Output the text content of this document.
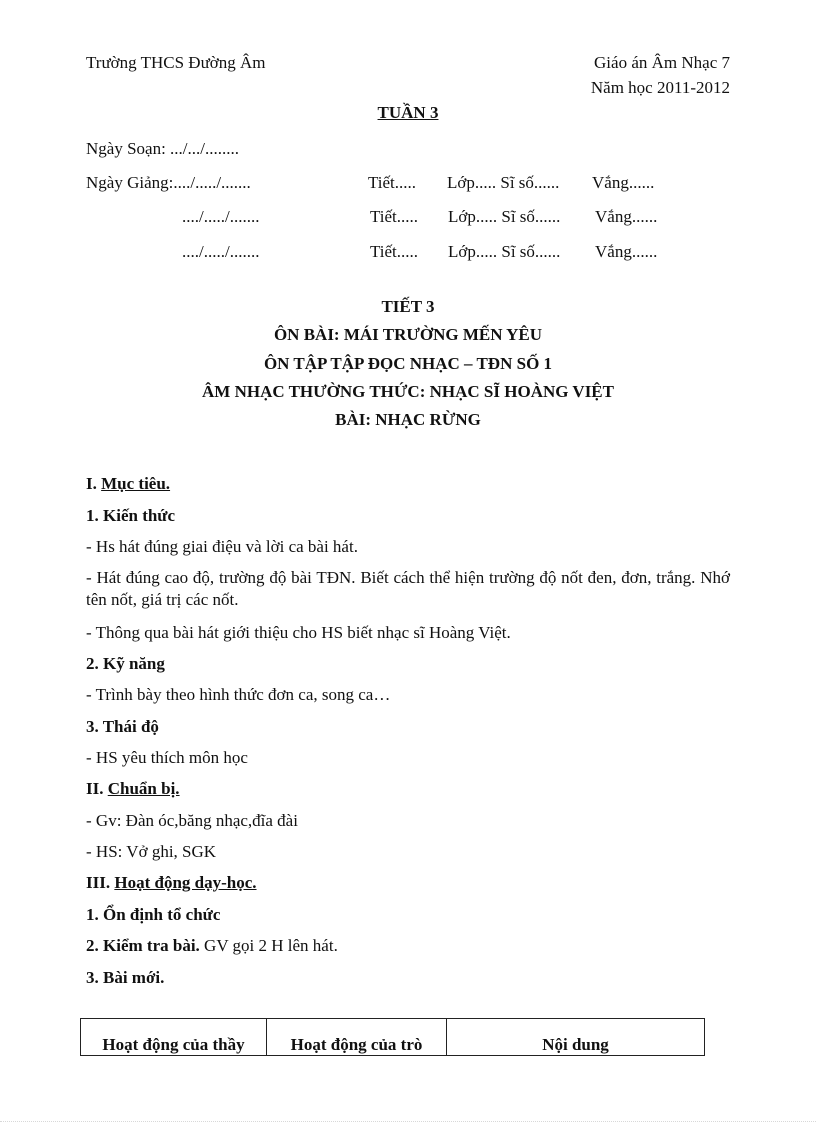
Trường THCS Đường Âm	Giáo án Âm Nhạc 7
Năm học 2011-2012
TUẦN 3
Ngày Soạn: .../.../........
Ngày Giảng:..../...../.......	Tiết..... Lớp..... Sĩ số...... Vắng......
..../...../.......	Tiết..... Lớp..... Sĩ số...... Vắng......
..../...../.......	Tiết..... Lớp..... Sĩ số...... Vắng......
TIẾT 3
ÔN BÀI: MÁI TRƯỜNG MẾN YÊU
ÔN TẬP TẬP ĐỌC NHẠC – TĐN SỐ 1
ÂM NHẠC THƯỜNG THỨC: NHẠC SĨ HOÀNG VIỆT
BÀI: NHẠC RỪNG
I. Mục tiêu.
1. Kiến thức
- Hs hát đúng giai điệu và lời ca bài hát.
- Hát đúng cao độ, trường độ bài TĐN. Biết cách thể hiện trường độ nốt đen, đơn, trắng. Nhớ tên nốt, giá trị các nốt.
- Thông qua bài hát giới thiệu cho HS biết nhạc sĩ Hoàng Việt.
2. Kỹ năng
- Trình bày theo hình thức đơn ca, song ca…
3. Thái độ
- HS yêu thích môn học
II. Chuẩn bị.
- Gv: Đàn óc,băng nhạc,đĩa đài
- HS: Vở ghi, SGK
III. Hoạt động dạy-học.
1. Ổn định tổ chức
2. Kiểm tra bài. GV gọi 2 H lên hát.
3. Bài mới.
Hoạt động của thầy	Hoạt động của trò	Nội dung
